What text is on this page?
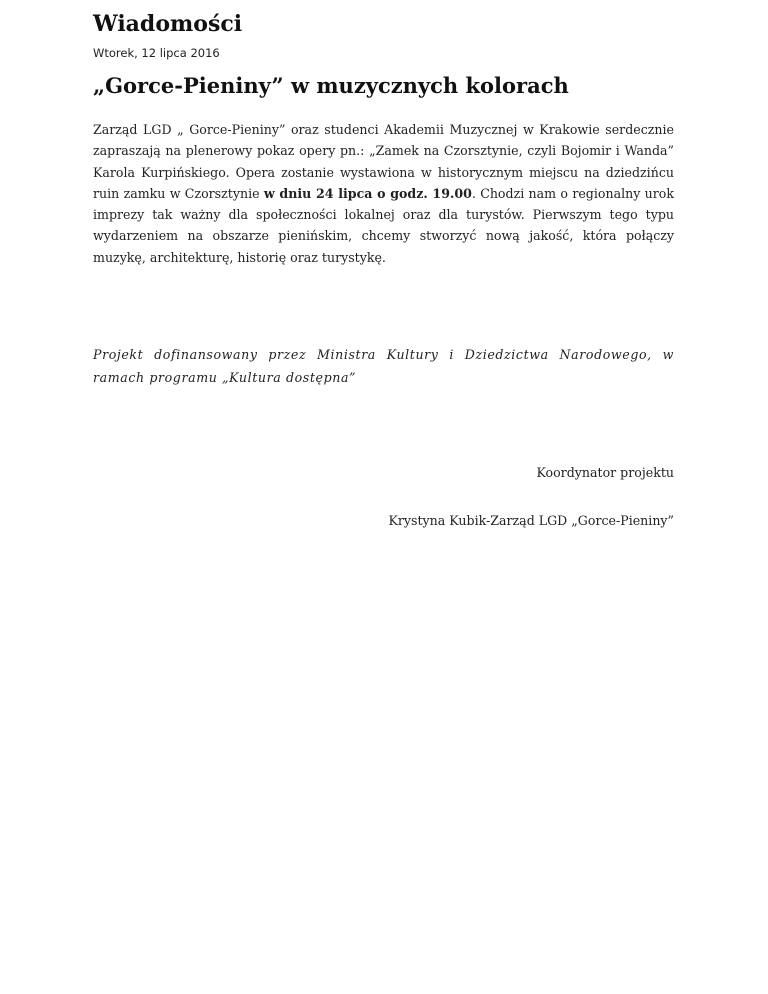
Wiadomości
Wtorek, 12 lipca 2016
„Gorce-Pieniny” w muzycznych kolorach

Zarząd LGD „ Gorce-Pieniny” oraz studenci Akademii Muzycznej w Krakowie serdecznie zapraszają na plenerowy pokaz opery pn.: „Zamek na Czorsztynie, czyli Bojomir i Wanda” Karola Kurpińskiego. Opera zostanie wystawiona w historycznym miejscu na dziedzińcu ruin zamku w Czorsztynie w dniu 24 lipca o godz. 19.00. Chodzi nam o regionalny urok imprezy tak ważny dla społeczności lokalnej oraz dla turystów. Pierwszym tego typu wydarzeniem na obszarze pienińskim, chcemy stworzyć nową jakość, która połączy muzykę, architekturę, historię oraz turystykę.

Projekt dofinansowany przez Ministra Kultury i Dziedzictwa Narodowego, w ramach programu „Kultura dostępna”

Koordynator projektu
Krystyna Kubik-Zarząd LGD „Gorce-Pieniny”
